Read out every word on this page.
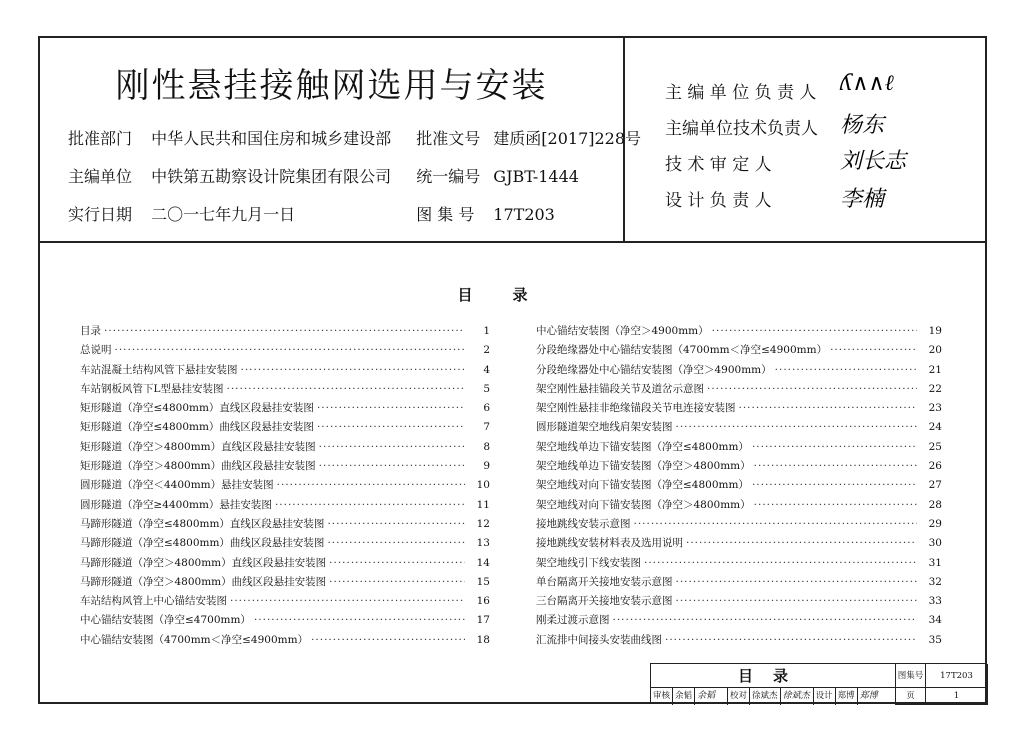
刚性悬挂接触网选用与安装
批准部门 中华人民共和国住房和城乡建设部 批准文号 建质函[2017]228号
主编单位 中铁第五勘察设计院集团有限公司 统一编号 GJBT-1444
实行日期 二〇一七年九月一日	图 集 号 17T203
主 编 单 位 负 责 人 ʎ∧∧ℓ
主编单位技术负责人 杨东
技 术 审 定 人	刘长志
设 计 负 责 人	李楠
目录
目录 ·····	1
总说明 ·····	2
车站混凝土结构风管下悬挂安装图 ·····	4
车站钢板风管下L型悬挂安装图 ·····	5
矩形隧道（净空≤4800mm）直线区段悬挂安装图 ·····	6
矩形隧道（净空≤4800mm）曲线区段悬挂安装图 ·····	7
矩形隧道（净空＞4800mm）直线区段悬挂安装图 ·····	8
矩形隧道（净空＞4800mm）曲线区段悬挂安装图 ·····	9
圆形隧道（净空＜4400mm）悬挂安装图 ·····	10
圆形隧道（净空≥4400mm）悬挂安装图 ·····	11
马蹄形隧道（净空≤4800mm）直线区段悬挂安装图 ·····	12
马蹄形隧道（净空≤4800mm）曲线区段悬挂安装图 ·····	13
马蹄形隧道（净空＞4800mm）直线区段悬挂安装图 ·····	14
马蹄形隧道（净空＞4800mm）曲线区段悬挂安装图 ·····	15
车站结构风管上中心锚结安装图 ·····	16
中心锚结安装图（净空≤4700mm） ·····	17
中心锚结安装图（4700mm＜净空≤4900mm） ·····	18
中心锚结安装图（净空＞4900mm） ·····	19
分段绝缘器处中心锚结安装图（4700mm＜净空≤4900mm） ·····	20
分段绝缘器处中心锚结安装图（净空＞4900mm） ·····	21
架空刚性悬挂锚段关节及道岔示意图 ·····	22
架空刚性悬挂非绝缘锚段关节电连接安装图 ·····	23
圆形隧道架空地线肩架安装图 ·····	24
架空地线单边下锚安装图（净空≤4800mm） ·····	25
架空地线单边下锚安装图（净空＞4800mm） ·····	26
架空地线对向下锚安装图（净空≤4800mm） ·····	27
架空地线对向下锚安装图（净空＞4800mm） ·····	28
接地跳线安装示意图 ·····	29
接地跳线安装材料表及选用说明 ·····	30
架空地线引下线安装图 ·····	31
单台隔离开关接地安装示意图 ·····	32
三台隔离开关接地安装示意图 ·····	33
刚柔过渡示意图 ·····	34
汇流排中间接头安装曲线图 ·····	35
目录	图集号	17T203
审核 余韬 余韬	校对 徐斌杰 徐斌杰 设计 郑博 郑博	页	1
